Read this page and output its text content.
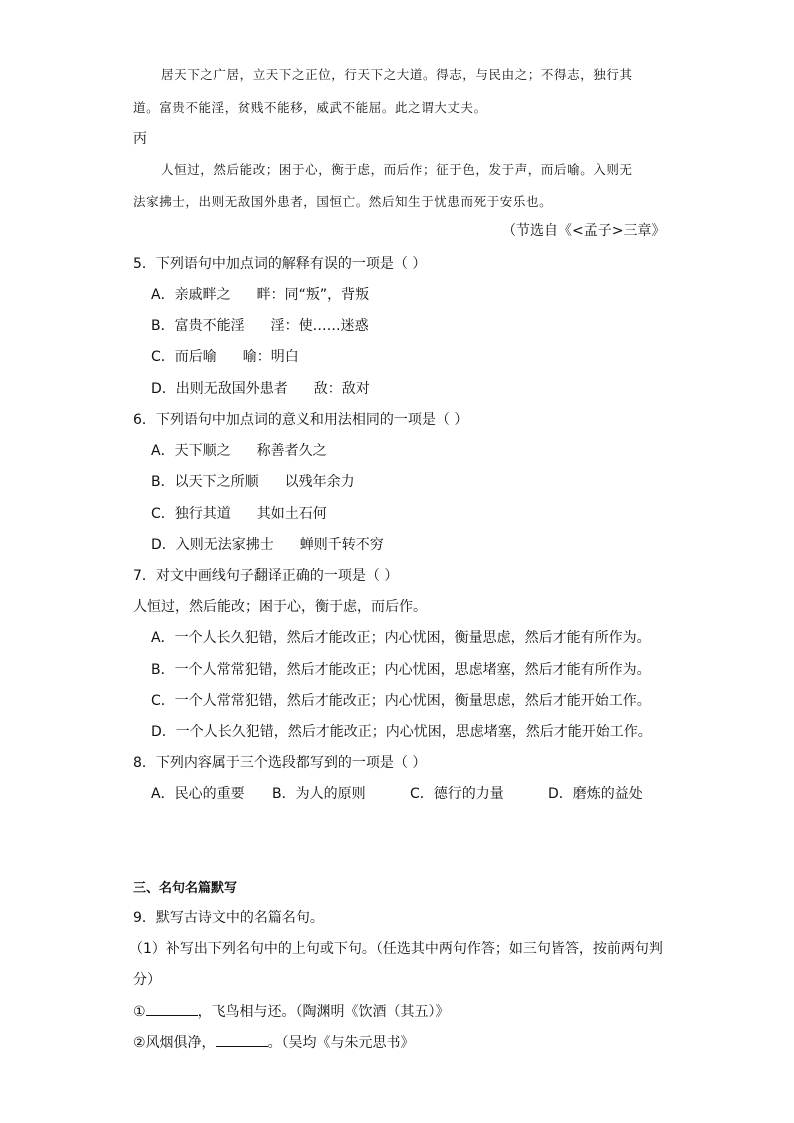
居天下之广居，立天下之正位，行天下之大道。得志，与民由之；不得志，独行其
道。富贵不能淫，贫贱不能移，威武不能屈。此之谓大丈夫。
丙
人恒过，然后能改；困于心，衡于虑，而后作；征于色，发于声，而后喻。入则无
法家拂士，出则无敌国外患者，国恒亡。然后知生于忧患而死于安乐也。
（节选自《<孟子>三章》
5．下列语句中加点词的解释有误的一项是（ ）
A．亲戚畔之 畔：同“叛”，背叛
B．富贵不能淫 淫：使……迷惑
C．而后喻 喻：明白
D．出则无敌国外患者 敌：敌对
6．下列语句中加点词的意义和用法相同的一项是（ ）
A．天下顺之 称善者久之
B．以天下之所顺 以残年余力
C．独行其道 其如土石何
D．入则无法家拂士 蝉则千转不穷
7．对文中画线句子翻译正确的一项是（ ）
人恒过，然后能改；困于心，衡于虑，而后作。
A．一个人长久犯错，然后才能改正；内心忧困，衡量思虑，然后才能有所作为。
B．一个人常常犯错，然后才能改正；内心忧困，思虑堵塞，然后才能有所作为。
C．一个人常常犯错，然后才能改正；内心忧困，衡量思虑，然后才能开始工作。
D．一个人长久犯错，然后才能改正；内心忧困，思虑堵塞，然后才能开始工作。
8．下列内容属于三个选段都写到的一项是（ ）
A．民心的重要 B．为人的原则	C．德行的力量	D．磨炼的益处
三、名句名篇默写
9．默写古诗文中的名篇名句。
（1）补写出下列名句中的上句或下句。（任选其中两句作答；如三句皆答，按前两句判
分）
①	，飞鸟相与还。（陶渊明《饮酒（其五）》
②风烟俱净，	。（吴均《与朱元思书》
